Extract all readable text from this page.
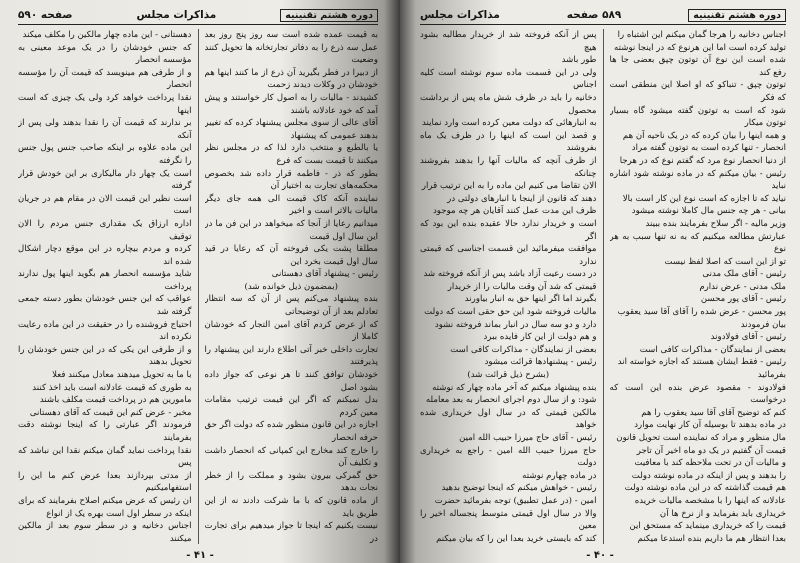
دوره هشتم تقنینیه
مذاکرات مجلس
صفحه ۵۹۰

به قیمت عمده شده است سه روز پنج روز بعد عمل سه ذرع را به دفاتر تجارتخانه ها تحویل کنند وضعیت

از دبیرا در فطر بگیرید آن ذرع از ما کنند اینها هم خودشان در وکلات دیدند زحمت

کشیدند - مالیات را به اصول کار خواستند و پیش آمد که خود عادلانه باشند

آقای عالی از سوی مجلس پیشنهاد کرده که تغییر بدهند عمومی که پیشنهاد

یا بالطبع و منتخب دارد لذا که در مجلس نظر میکنند تا قیمت بست که فرع

بطور که ذر - فاطمه قرار داده شد بخصوص محکمه‌های تجارت به اختیار آن

نماینده آنکه کاک قیمت الی همه جای دیگر مالیات بالاتر است و اخیر

میدانیم رعایا از آنجا که میخواهد در این فن ما در این سال اول قیمت

مطلقا پشت یکی فروخته آن که رعایا در قید سال اول قیمت بخرد این

رئیس - پیشنهاد آقای دهستانی

(بمضمون ذیل خوانده شد)

بنده پیشنهاد می‌کنم پس از آن که سه انتظار تعادلم بعد از آن توضیحاتی

که از عرض کردم آقای امین التجار که خودشان کاملا از

تجارت داخلی خبر آتی اطلاع دارند این پیشنهاد را پذیرفتند

خودشان توافق کنند تا هر نوعی که جواز داده بشود اصل

بدل نمیکنم که اگر این قیمت ترتیب مقامات معین کردم

اجازه در این قانون منظور شده که دولت اگر حق حرفه انحصار

را خارج کند مخارج این کمپانی که انحصار داشت و تکلیف آن

حق گمرکی بیرون بشود و مملکت را از خطر نجات بدهد

از ماده قانون که با ما شرکت دادند نه از این طریق باید

نیست بکنیم که اینجا تا جواز میدهیم برای تجارت در

دهستانی - این ماده چهار مالکین را مکلف میکند

که جنس خودشان را در یک موعد معینی به مؤسسه انحصار

و از طرفی هم مینویسد که قیمت آن را مؤسسه انحصار

نقدا پرداخت خواهد کرد ولی یک چیزی که است اینها

بر ندارند که قیمت آن را نقدا بدهند ولی پس از آنکه

این ماده علاوه بر اینکه صاحب جنس پول جنس را نگرفته

است یک چهار دار مالیکاری بر این خودش قرار گرفته

است نظیر این قیمت الان در مقام هم در جریان است

اداره ارزاق یک مقداری جنس مردم را الان توقیف

کرده و مردم بیچاره در این موقع دچار اشکال شده اند

شاید مؤسسه انحصار هم بگوید اینها پول ندارند پرداخت

عواقب که این جنس خودشان بطور دسته جمعی گرفته شد

احتیاج فروشنده را در حقیقت در این ماده رعایت نکرده اند

و از طرفی این یکی که در این جنس خودشان را تحویل بدهند

با ما به تحویل میدهند معادل میکنند فعلا

به طوری که قیمت عادلانه است باید اخذ کنند

مامورین هم در پرداخت قیمت مکلف باشند

مخبر - عرض کنم این قیمت که آقای دهستانی

فرمودند اگر عبارتی را که اینجا نوشته دقت بفرمایند

نقدا پرداخت نماید گمان میکنم نقدا این نباشد که پس

از مدتی بپردازند بعدا عرض کنم ما این را استفهامیکنیم

ان رئیس که عرض میکنم اصلاح بفرمایند که برای

اینکه در سطر اول است بهره یک از انواع

اجناس دخانیه و در سطر سوم بعد از مالکین میکنند

- ۴۱ -
دوره هشتم تقنینیه
۵۸۹ صفحه
مذاکرات مجلس

اجناس دخانیه را هرجا گمان میکنم این اشتباه را

تولید کرده است اما این هرنوع که در اینجا نوشته

شده است این نوع آن توتون چپق بعضی جا ها رفع کند

توتون چپق - تنباکو که او اصلا این منطقی است که فکر

شود که است به توتون گفته میشود گاه بسیار توتون میکار

و همه اینها را بیان کرده که در یک ناحیه آن هم

انحصار - تنها کرده است به توتون گفته مراد

از دنیا انحصار نوع مرد که گفتم نوع که در هرجا

رئیس - بیان میکنم که در ماده نوشته شود اشاره نباید

نیاید که تا اجازه که است نوع این کار است بالا

بیانی - هر چه جنس مال کاملا نوشته میشود

وزیر مالیه - اگر سلاح بفرمایند بنده ببیند

عبارتش مطالعه میکنیم که به نه تنها سبب به هر نوع

تو از این است که اصلا لفظ نیست

رئیس - آقای ملک مدنی

ملک مدنی - عرض ندارم

رئیس - آقای پور محسن

پور محسن - عرض شده را آقای آقا سید یعقوب

بیان فرمودند

رئیس - آقای فولادوند

بعضی از نمایندگان - مذاکرات کافی است

رئیس - فقط ایشان هستند که اجازه خواسته اند

بفرمائید

فولادوند - مقصود عرض بنده این است که درخواست

کنم که توضیح آقای آقا سید یعقوب را هم

در ماده بدهند تا بوسیله آن کار نهایت موارد

مال منظور و مراد که نماینده است تحویل قانون

قیمت آن گفتیم در یک دو ماه اخیر آن تاجر

و مالیات آن در تحت ملاحظه کند با معافیت

را بدهند و پس از اینکه در ماده نوشته دولت

هم قیمت گذاشته که در این ماده نوشته دولت

عادلانه که اینها را با مشخصه مالیات خریده

خریداری باید بفرماید و از نرخ ها آن

قیمت را که خریداری مینماید که مستحق این

بعدا انتظار هم ما داریم بنده استدعا میکنم

پس از آنکه فروخته شد از خریدار مطالبه بشود هیچ

طور باشد

ولی در این قسمت ماده سوم نوشته است کلیه اجناس

دخانیه را باید در ظرف شش ماه پس از برداشت محصول

به انبارهائی که دولت معین کرده است وارد نمایند

و قصد این است که اینها را در ظرف یک ماه بفروشند

از ظرف آنچه که مالیات آنها را بدهند بفروشند چنانکه

الان تقاضا می کنیم این ماده را به این ترتیب قرار

دهند که قانون از اینجا با انبارهای دولتی در

ظرف این مدت عمل کنند آقایان هر چه موجود

است و خریدار ندارد حالا عقیده بنده این بود که اگر

موافقت میفرمائید این قسمت اجناسی که قیمتی ندارد

در دست رعیت آزاد باشد پس از آنکه فروخته شد

قیمتی که شد آن وقت مالیات را از خریدار

بگیرند اما اگر اینها حق به انبار بیاورند

مالیات فروخته شود این حق حقی است که دولت

دارد و دو سه سال در انبار بماند فروخته نشود

و هم دولت از این کار فایده ببرد

بعضی از نمایندگان - مذاکرات کافی است

رئیس - پیشنهادها قرائت میشود

(بشرح ذیل قرائت شد)

بنده پیشنهاد میکنم که آخر ماده چهار که نوشته

شود: و از سال دوم اجرای انحصار به بعد معامله

مالکین قیمتی که در سال اول خریداری شده خواهد

رئیس - آقای حاج میرزا حبیب الله امین

حاج میرزا حبیب الله امین - راجع به خریداری دولت

در ماده چهارم نوشته

رئیس - خواهش میکنم که اینجا توضیح بدهید

امین - (در عمل تطبیق) توجه بفرمائید حضرت

والا در سال اول قیمتی متوسط پنجساله اخیر را معین

کند که بایستی خرید بعدا این را که بیان میکنم

- ۴۰ -
